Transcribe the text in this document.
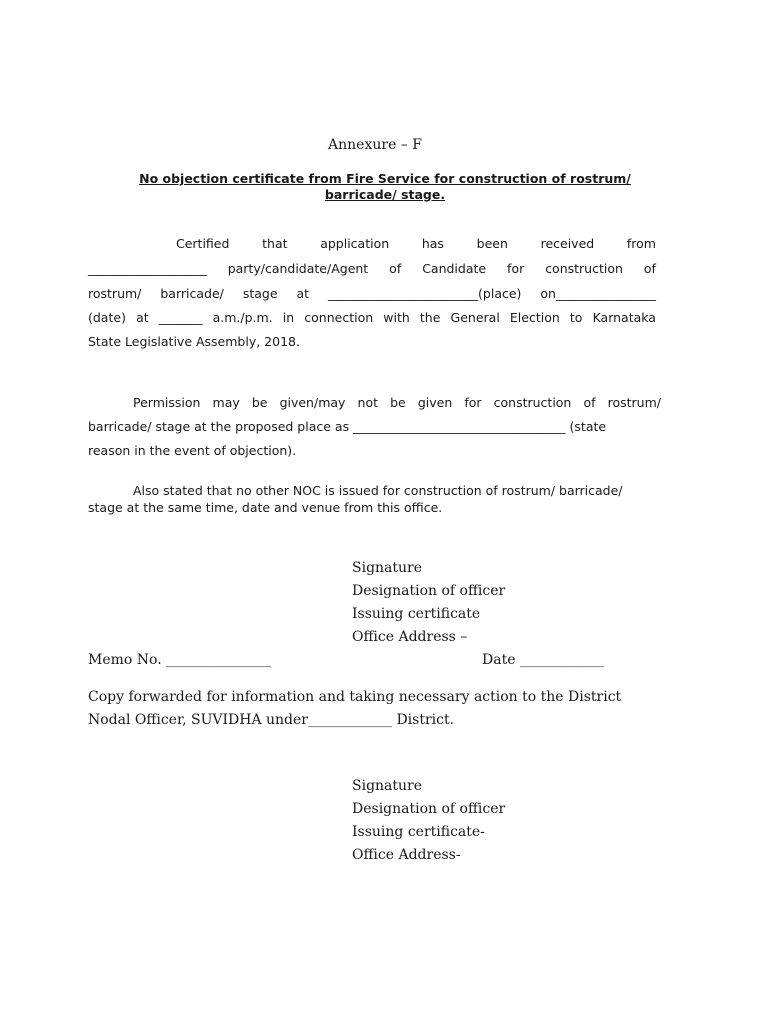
Annexure – F
No objection certificate from Fire Service for construction of rostrum/
barricade/ stage.
Certified	that	application	has	been	received	from
___________________ party/candidate/Agent of Candidate for construction of
rostrum/ barricade/ stage at ________________________(place) on________________
(date) at _______ a.m./p.m. in connection with the General Election to Karnataka
State Legislative Assembly, 2018.
Permission may be given/may not be given for construction of rostrum/
barricade/ stage at the proposed place as __________________________________ (state
reason in the event of objection).
Also stated that no other NOC is issued for construction of rostrum/ barricade/
stage at the same time, date and venue from this office.
Signature
Designation of officer
Issuing certificate
Office Address –
Memo No. _______________	Date ____________
Copy forwarded for information and taking necessary action to the District
Nodal Officer, SUVIDHA under____________ District.
Signature
Designation of officer
Issuing certificate-
Office Address-
